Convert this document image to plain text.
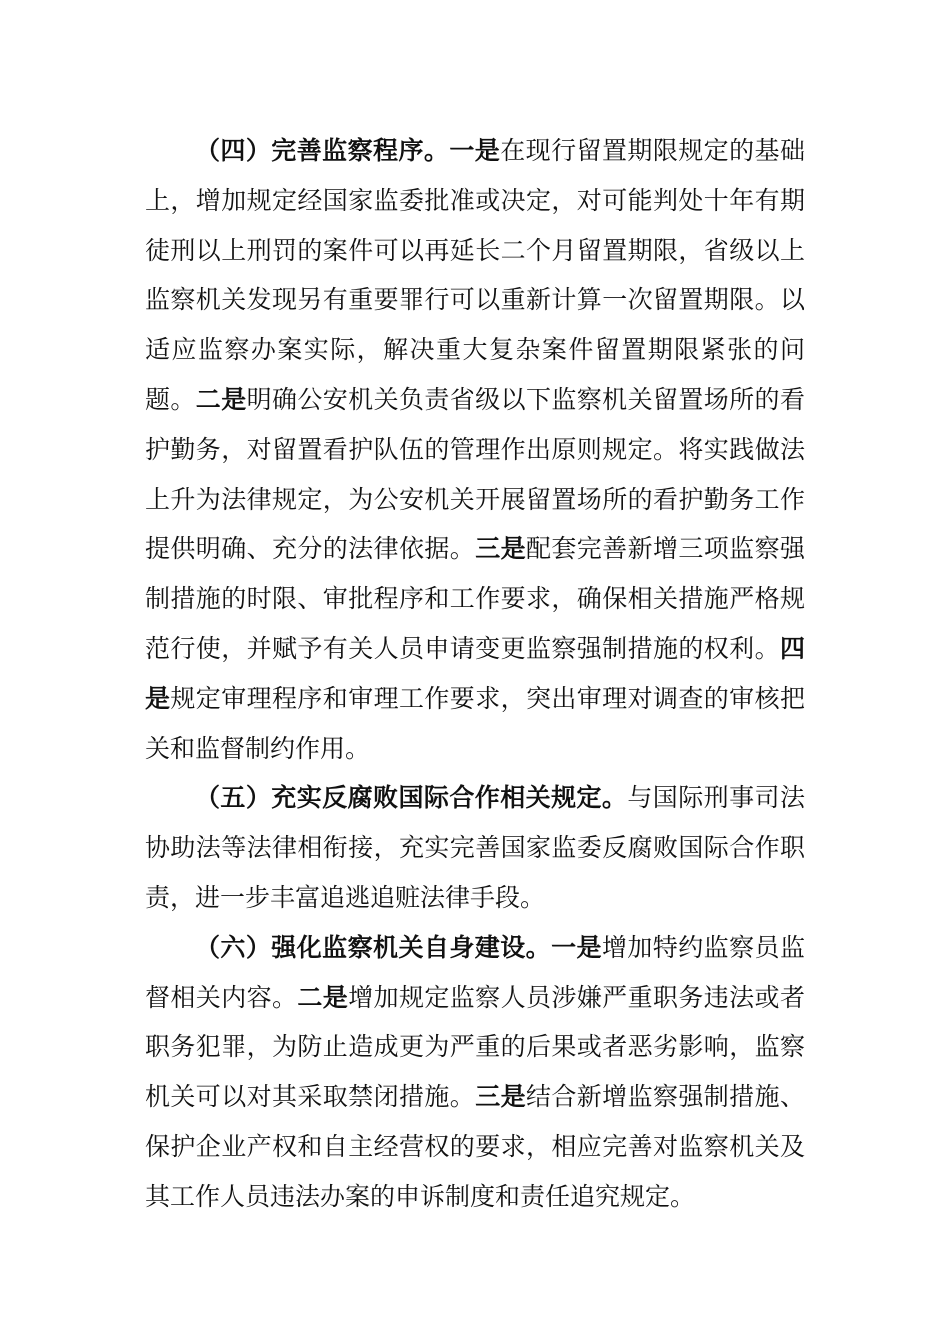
（四）完善监察程序。一是在现行留置期限规定的基础上，增加规定经国家监委批准或决定，对可能判处十年有期徒刑以上刑罚的案件可以再延长二个月留置期限，省级以上监察机关发现另有重要罪行可以重新计算一次留置期限。以适应监察办案实际，解决重大复杂案件留置期限紧张的问题。二是明确公安机关负责省级以下监察机关留置场所的看护勤务，对留置看护队伍的管理作出原则规定。将实践做法上升为法律规定，为公安机关开展留置场所的看护勤务工作提供明确、充分的法律依据。三是配套完善新增三项监察强制措施的时限、审批程序和工作要求，确保相关措施严格规范行使，并赋予有关人员申请变更监察强制措施的权利。四是规定审理程序和审理工作要求，突出审理对调查的审核把关和监督制约作用。

（五）充实反腐败国际合作相关规定。与国际刑事司法协助法等法律相衔接，充实完善国家监委反腐败国际合作职责，进一步丰富追逃追赃法律手段。

（六）强化监察机关自身建设。一是增加特约监察员监督相关内容。二是增加规定监察人员涉嫌严重职务违法或者职务犯罪，为防止造成更为严重的后果或者恶劣影响，监察机关可以对其采取禁闭措施。三是结合新增监察强制措施、保护企业产权和自主经营权的要求，相应完善对监察机关及其工作人员违法办案的申诉制度和责任追究规定。
